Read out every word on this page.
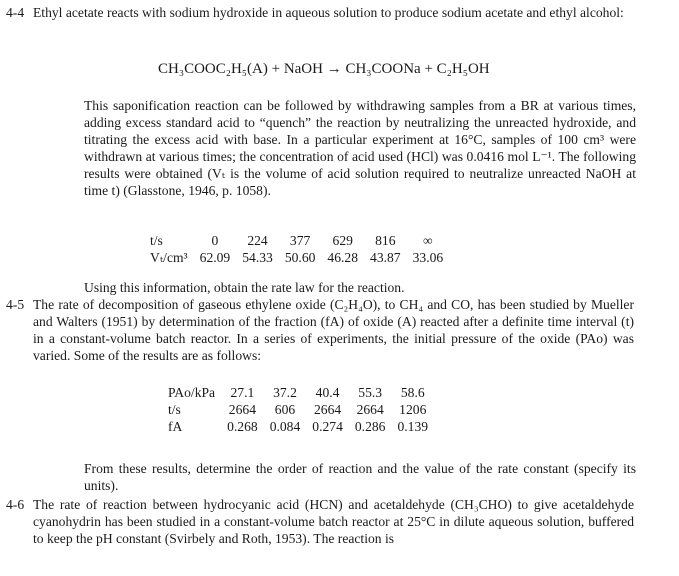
4-4 Ethyl acetate reacts with sodium hydroxide in aqueous solution to produce sodium acetate and ethyl alcohol:
CH₃COOC₂H₅(A) + NaOH → CH₃COONa + C₂H₅OH
This saponification reaction can be followed by withdrawing samples from a BR at various times, adding excess standard acid to “quench” the reaction by neutralizing the unreacted hydroxide, and titrating the excess acid with base. In a particular experiment at 16°C, samples of 100 cm³ were withdrawn at various times; the concentration of acid used (HCl) was 0.0416 mol L⁻¹. The following results were obtained (Vₜ is the volume of acid solution required to neutralize unreacted NaOH at time t) (Glasstone, 1946, p. 1058).
t/s	0	224	377	629	816	∞
Vₜ/cm³	62.09	54.33	50.60	46.28	43.87	33.06
Using this information, obtain the rate law for the reaction.
4-5 The rate of decomposition of gaseous ethylene oxide (C₂H₄O), to CH₄ and CO, has been studied by Mueller and Walters (1951) by determination of the fraction (fA) of oxide (A) reacted after a definite time interval (t) in a constant-volume batch reactor. In a series of experiments, the initial pressure of the oxide (PAo) was varied. Some of the results are as follows:
PAo/kPa	27.1	37.2	40.4	55.3	58.6
t/s	2664	606	2664	2664	1206
fA	0.268	0.084	0.274	0.286	0.139
From these results, determine the order of reaction and the value of the rate constant (specify its units).
4-6 The rate of reaction between hydrocyanic acid (HCN) and acetaldehyde (CH₃CHO) to give acetaldehyde cyanohydrin has been studied in a constant-volume batch reactor at 25°C in dilute aqueous solution, buffered to keep the pH constant (Svirbely and Roth, 1953). The reaction is
